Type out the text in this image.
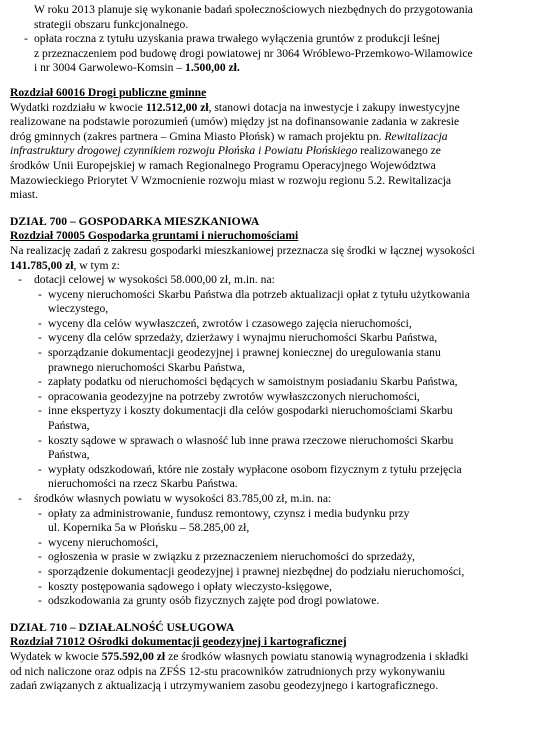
W roku 2013 planuje się wykonanie badań społecznościowych niezbędnych do przygotowania
strategii obszaru funkcjonalnego.

- opłata roczna z tytułu uzyskania prawa trwałego wyłączenia gruntów z produkcji leśnej
z przeznaczeniem pod budowę drogi powiatowej nr 3064 Wróblewo-Przemkowo-Wilamowice
i nr 3004 Garwolewo-Komsin – 1.500,00 zł.

Rozdział 60016 Drogi publiczne gminne

Wydatki rozdziału w kwocie 112.512,00 zł, stanowi dotacja na inwestycje i zakupy inwestycyjne
realizowane na podstawie porozumień (umów) między jst na dofinansowanie zadania w zakresie
dróg gminnych (zakres partnera – Gmina Miasto Płońsk) w ramach projektu pn. Rewitalizacja
infrastruktury drogowej czynnikiem rozwoju Płońska i Powiatu Płońskiego realizowanego ze
środków Unii Europejskiej w ramach Regionalnego Programu Operacyjnego Województwa
Mazowieckiego Priorytet V Wzmocnienie rozwoju miast w rozwoju regionu 5.2. Rewitalizacja
miast.

DZIAŁ 700 – GOSPODARKA MIESZKANIOWA

Rozdział 70005 Gospodarka gruntami i nieruchomościami

Na realizację zadań z zakresu gospodarki mieszkaniowej przeznacza się środki w łącznej wysokości
141.785,00 zł, w tym z:

- dotacji celowej w wysokości 58.000,00 zł, m.in. na:
- wyceny nieruchomości Skarbu Państwa dla potrzeb aktualizacji opłat z tytułu użytkowania
wieczystego,
- wyceny dla celów wywłaszczeń, zwrotów i czasowego zajęcia nieruchomości,
- wyceny dla celów sprzedaży, dzierżawy i wynajmu nieruchomości Skarbu Państwa,
- sporządzanie dokumentacji geodezyjnej i prawnej koniecznej do uregulowania stanu
prawnego nieruchomości Skarbu Państwa,
- zapłaty podatku od nieruchomości będących w samoistnym posiadaniu Skarbu Państwa,
- opracowania geodezyjne na potrzeby zwrotów wywłaszczonych nieruchomości,
- inne ekspertyzy i koszty dokumentacji dla celów gospodarki nieruchomościami Skarbu
Państwa,
- koszty sądowe w sprawach o własność lub inne prawa rzeczowe nieruchomości Skarbu
Państwa,
- wypłaty odszkodowań, które nie zostały wypłacone osobom fizycznym z tytułu przejęcia
nieruchomości na rzecz Skarbu Państwa.
- środków własnych powiatu w wysokości 83.785,00 zł, m.in. na:
- opłaty za administrowanie, fundusz remontowy, czynsz i media budynku przy
ul. Kopernika 5a w Płońsku – 58.285,00 zł,
- wyceny nieruchomości,
- ogłoszenia w prasie w związku z przeznaczeniem nieruchomości do sprzedaży,
- sporządzenie dokumentacji geodezyjnej i prawnej niezbędnej do podziału nieruchomości,
- koszty postępowania sądowego i opłaty wieczysto-księgowe,
- odszkodowania za grunty osób fizycznych zajęte pod drogi powiatowe.

DZIAŁ 710 – DZIAŁALNOŚĆ USŁUGOWA

Rozdział 71012 Ośrodki dokumentacji geodezyjnej i kartograficznej

Wydatek w kwocie 575.592,00 zł ze środków własnych powiatu stanowią wynagrodzenia i składki
od nich naliczone oraz odpis na ZFŚS 12-stu pracowników zatrudnionych przy wykonywaniu
zadań związanych z aktualizacją i utrzymywaniem zasobu geodezyjnego i kartograficznego.
